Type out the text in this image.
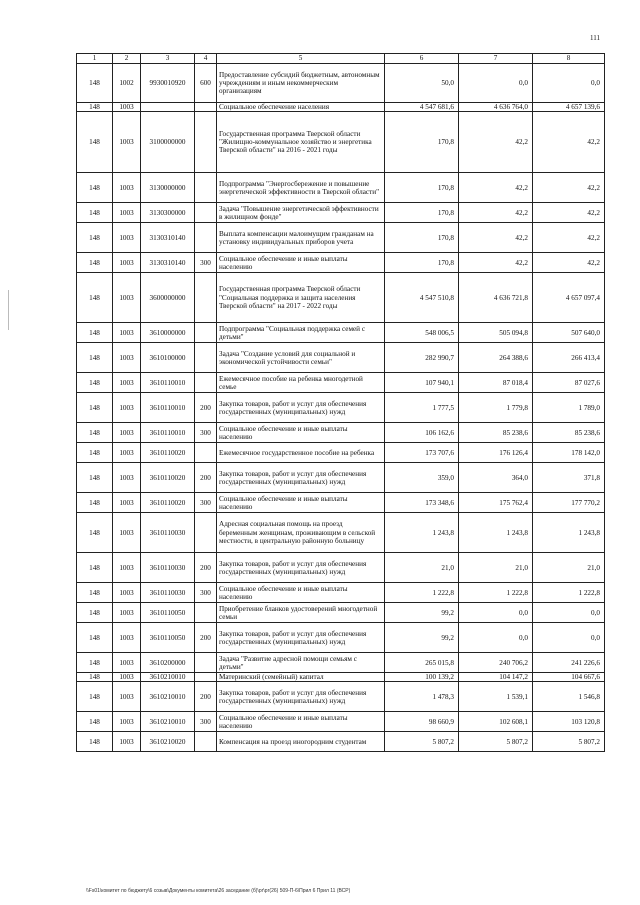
111
1	2	3	4	5	6	7	8
148	1002	9930010920	600	Предоставление субсидий бюджетным, автономным учреждениям и иным некоммерческим организациям	50,0	0,0	0,0
148	1003			Социальное обеспечение населения	4 547 681,6	4 636 764,0	4 657 139,6
148	1003	3100000000		Государственная программа Тверской области "Жилищно-коммунальное хозяйство и энергетика Тверской области" на 2016 - 2021 годы	170,8	42,2	42,2
148	1003	3130000000		Подпрограмма "Энергосбережение и повышение энергетической эффективности в Тверской области"	170,8	42,2	42,2
148	1003	3130300000		Задача "Повышение энергетической эффективности в жилищном фонде"	170,8	42,2	42,2
148	1003	3130310140		Выплата компенсации малоимущим гражданам на установку индивидуальных приборов учета	170,8	42,2	42,2
148	1003	3130310140	300	Социальное обеспечение и иные выплаты населению	170,8	42,2	42,2
148	1003	3600000000		Государственная программа Тверской области "Социальная поддержка и защита населения Тверской области" на 2017 - 2022 годы	4 547 510,8	4 636 721,8	4 657 097,4
148	1003	3610000000		Подпрограмма "Социальная поддержка семей с детьми"	548 006,5	505 094,8	507 640,0
148	1003	3610100000		Задача "Создание условий для социальной и экономической устойчивости семьи"	282 990,7	264 388,6	266 413,4
148	1003	3610110010		Ежемесячное пособие на ребенка многодетной семье	107 940,1	87 018,4	87 027,6
148	1003	3610110010	200	Закупка товаров, работ и услуг для обеспечения государственных (муниципальных) нужд	1 777,5	1 779,8	1 789,0
148	1003	3610110010	300	Социальное обеспечение и иные выплаты населению	106 162,6	85 238,6	85 238,6
148	1003	3610110020		Ежемесячное государственное пособие на ребенка	173 707,6	176 126,4	178 142,0
148	1003	3610110020	200	Закупка товаров, работ и услуг для обеспечения государственных (муниципальных) нужд	359,0	364,0	371,8
148	1003	3610110020	300	Социальное обеспечение и иные выплаты населению	173 348,6	175 762,4	177 770,2
148	1003	3610110030		Адресная социальная помощь на проезд беременным женщинам, проживающим в сельской местности, в центральную районную больницу	1 243,8	1 243,8	1 243,8
148	1003	3610110030	200	Закупка товаров, работ и услуг для обеспечения государственных (муниципальных) нужд	21,0	21,0	21,0
148	1003	3610110030	300	Социальное обеспечение и иные выплаты населению	1 222,8	1 222,8	1 222,8
148	1003	3610110050		Приобретение бланков удостоверений многодетной семьи	99,2	0,0	0,0
148	1003	3610110050	200	Закупка товаров, работ и услуг для обеспечения государственных (муниципальных) нужд	99,2	0,0	0,0
148	1003	3610200000		Задача "Развитие адресной помощи семьям с детьми"	265 015,8	240 706,2	241 226,6
148	1003	3610210010		Материнский (семейный) капитал	100 139,2	104 147,2	104 667,6
148	1003	3610210010	200	Закупка товаров, работ и услуг для обеспечения государственных (муниципальных) нужд	1 478,3	1 539,1	1 546,8
148	1003	3610210010	300	Социальное обеспечение и иные выплаты населению	98 660,9	102 608,1	103 120,8
148	1003	3610210020		Компенсация на проезд иногородним студентам	5 807,2	5 807,2	5 807,2
\\Fs01\комитет по бюджету\6 созыв\Документы комитета\26 заседание (б)\рг\рг(26) 509-П-6\Прил 6 Прил 11 (ВСР)
